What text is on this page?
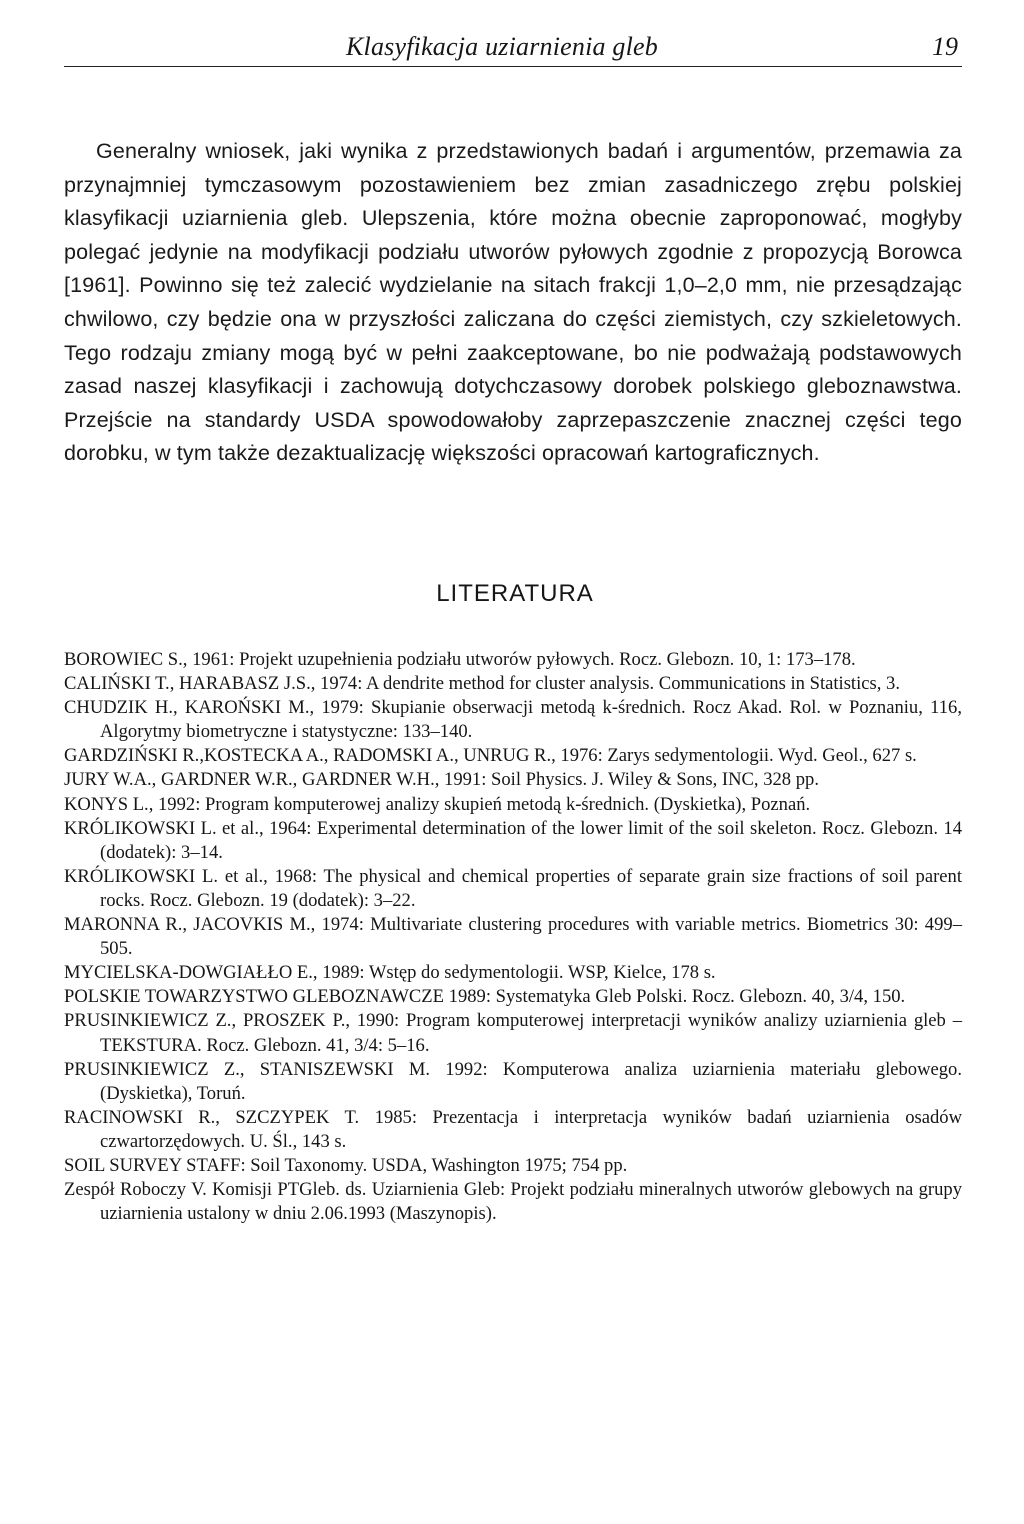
Klasyfikacja uziarnienia gleb	19

Generalny wniosek, jaki wynika z przedstawionych badań i argumentów, przemawia za przynajmniej tymczasowym pozostawieniem bez zmian zasadniczego zrębu polskiej klasyfikacji uziarnienia gleb. Ulepszenia, które można obecnie zaproponować, mogłyby polegać jedynie na modyfikacji podziału utworów pyłowych zgodnie z propozycją Borowca [1961]. Powinno się też zalecić wydzielanie na sitach frakcji 1,0–2,0 mm, nie przesądzając chwilowo, czy będzie ona w przyszłości zaliczana do części ziemistych, czy szkieletowych. Tego rodzaju zmiany mogą być w pełni zaakceptowane, bo nie podważają podstawowych zasad naszej klasyfikacji i zachowują dotychczasowy dorobek polskiego gleboznawstwa. Przejście na standardy USDA spowodowałoby zaprzepaszczenie znacznej części tego dorobku, w tym także dezaktualizację większości opracowań kartograficznych.

LITERATURA
BOROWIEC S., 1961: Projekt uzupełnienia podziału utworów pyłowych. Rocz. Glebozn. 10, 1: 173–178.
CALIŃSKI T., HARABASZ J.S., 1974: A dendrite method for cluster analysis. Communications in Statistics, 3.
CHUDZIK H., KAROŃSKI M., 1979: Skupianie obserwacji metodą k-średnich. Rocz Akad. Rol. w Poznaniu, 116, Algorytmy biometryczne i statystyczne: 133–140.
GARDZIŃSKI R.,KOSTECKA A., RADOMSKI A., UNRUG R., 1976: Zarys sedymentologii. Wyd. Geol., 627 s.
JURY W.A., GARDNER W.R., GARDNER W.H., 1991: Soil Physics. J. Wiley & Sons, INC, 328 pp.
KONYS L., 1992: Program komputerowej analizy skupień metodą k-średnich. (Dyskietka), Poznań.
KRÓLIKOWSKI L. et al., 1964: Experimental determination of the lower limit of the soil skeleton. Rocz. Glebozn. 14 (dodatek): 3–14.
KRÓLIKOWSKI L. et al., 1968: The physical and chemical properties of separate grain size fractions of soil parent rocks. Rocz. Glebozn. 19 (dodatek): 3–22.
MARONNA R., JACOVKIS M., 1974: Multivariate clustering procedures with variable metrics. Biometrics 30: 499–505.
MYCIELSKA-DOWGIAŁŁO E., 1989: Wstęp do sedymentologii. WSP, Kielce, 178 s.
POLSKIE TOWARZYSTWO GLEBOZNAWCZE 1989: Systematyka Gleb Polski. Rocz. Glebozn. 40, 3/4, 150.
PRUSINKIEWICZ Z., PROSZEK P., 1990: Program komputerowej interpretacji wyników analizy uziarnienia gleb – TEKSTURA. Rocz. Glebozn. 41, 3/4: 5–16.
PRUSINKIEWICZ Z., STANISZEWSKI M. 1992: Komputerowa analiza uziarnienia materiału glebowego. (Dyskietka), Toruń.
RACINOWSKI R., SZCZYPEK T. 1985: Prezentacja i interpretacja wyników badań uziarnienia osadów czwartorzędowych. U. Śl., 143 s.
SOIL SURVEY STAFF: Soil Taxonomy. USDA, Washington 1975; 754 pp.
Zespół Roboczy V. Komisji PTGleb. ds. Uziarnienia Gleb: Projekt podziału mineralnych utworów glebowych na grupy uziarnienia ustalony w dniu 2.06.1993 (Maszynopis).
